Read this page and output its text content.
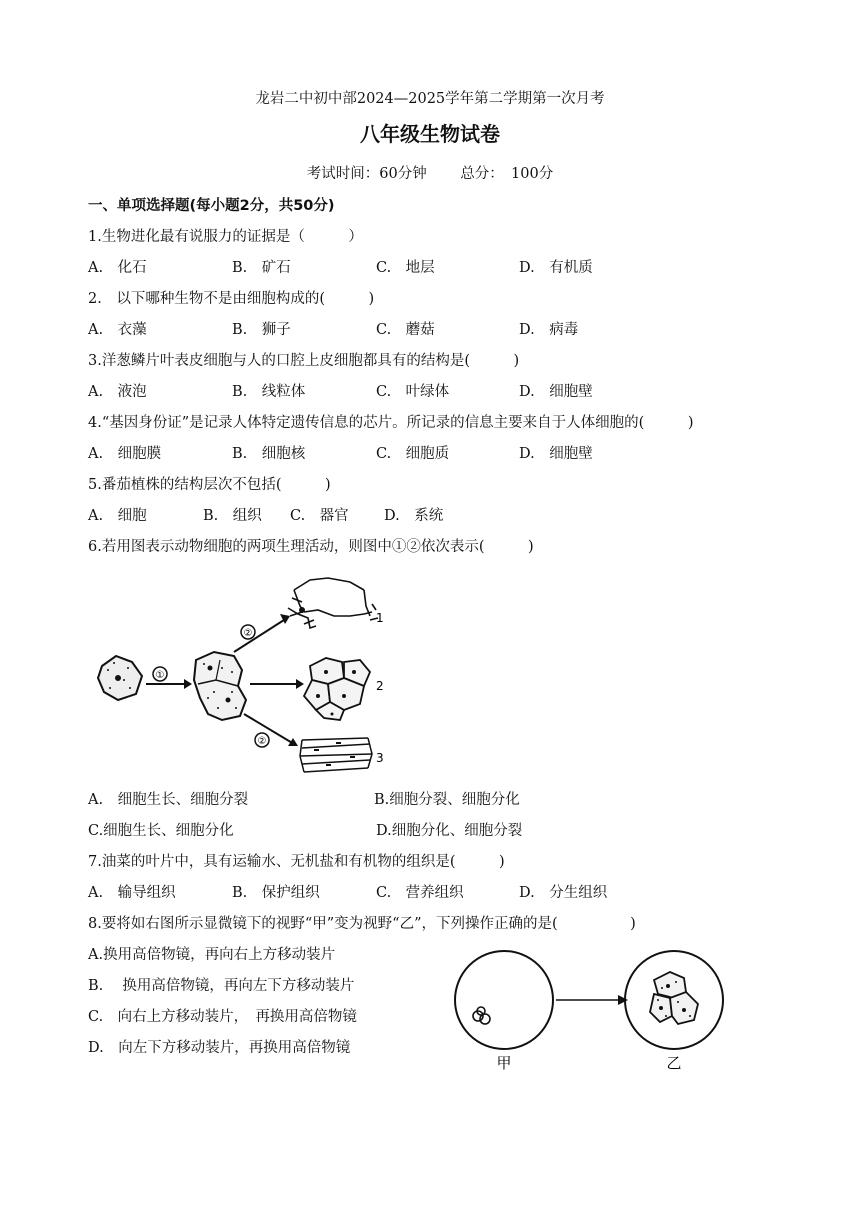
龙岩二中初中部2024—2025学年第二学期第一次月考
八年级生物试卷
考试时间：60分钟　　 总分：　100分
一、单项选择题(每小题2分，共50分)
1.生物进化最有说服力的证据是（　　　）
A.　化石	B.　矿石	C.　地层	D.　有机质
2.　以下哪种生物不是由细胞构成的(　　　)
A.　衣藻	B.　狮子	C.　蘑菇	D.　病毒
3.洋葱鳞片叶表皮细胞与人的口腔上皮细胞都具有的结构是(　　　)
A.　液泡	B.　线粒体	C.　叶绿体	D.　细胞壁
4.“基因身份证”是记录人体特定遗传信息的芯片。所记录的信息主要来自于人体细胞的(　　　)
A.　细胞膜	B.　细胞核	C.　细胞质	D.　细胞壁
5.番茄植株的结构层次不包括(　　　)
A.　细胞	B.　组织 C.　器官 D.　系统
6.若用图表示动物细胞的两项生理活动，则图中①②依次表示(　　　)
①
②
②
1
2
3
A.　细胞生长、细胞分裂	B.细胞分裂、细胞分化
C.细胞生长、细胞分化	D.细胞分化、细胞分裂
7.油菜的叶片中，具有运输水、无机盐和有机物的组织是(　　　)
A.　输导组织	B.　保护组织	C.　营养组织	D.　分生组织
8.要将如右图所示显微镜下的视野“甲”变为视野“乙”，下列操作正确的是(　　　　　)
A.换用高倍物镜，再向右上方移动装片
B.　 换用高倍物镜，再向左下方移动装片
C.　向右上方移动装片，　再换用高倍物镜
D.　向左下方移动装片，再换用高倍物镜
甲	乙
